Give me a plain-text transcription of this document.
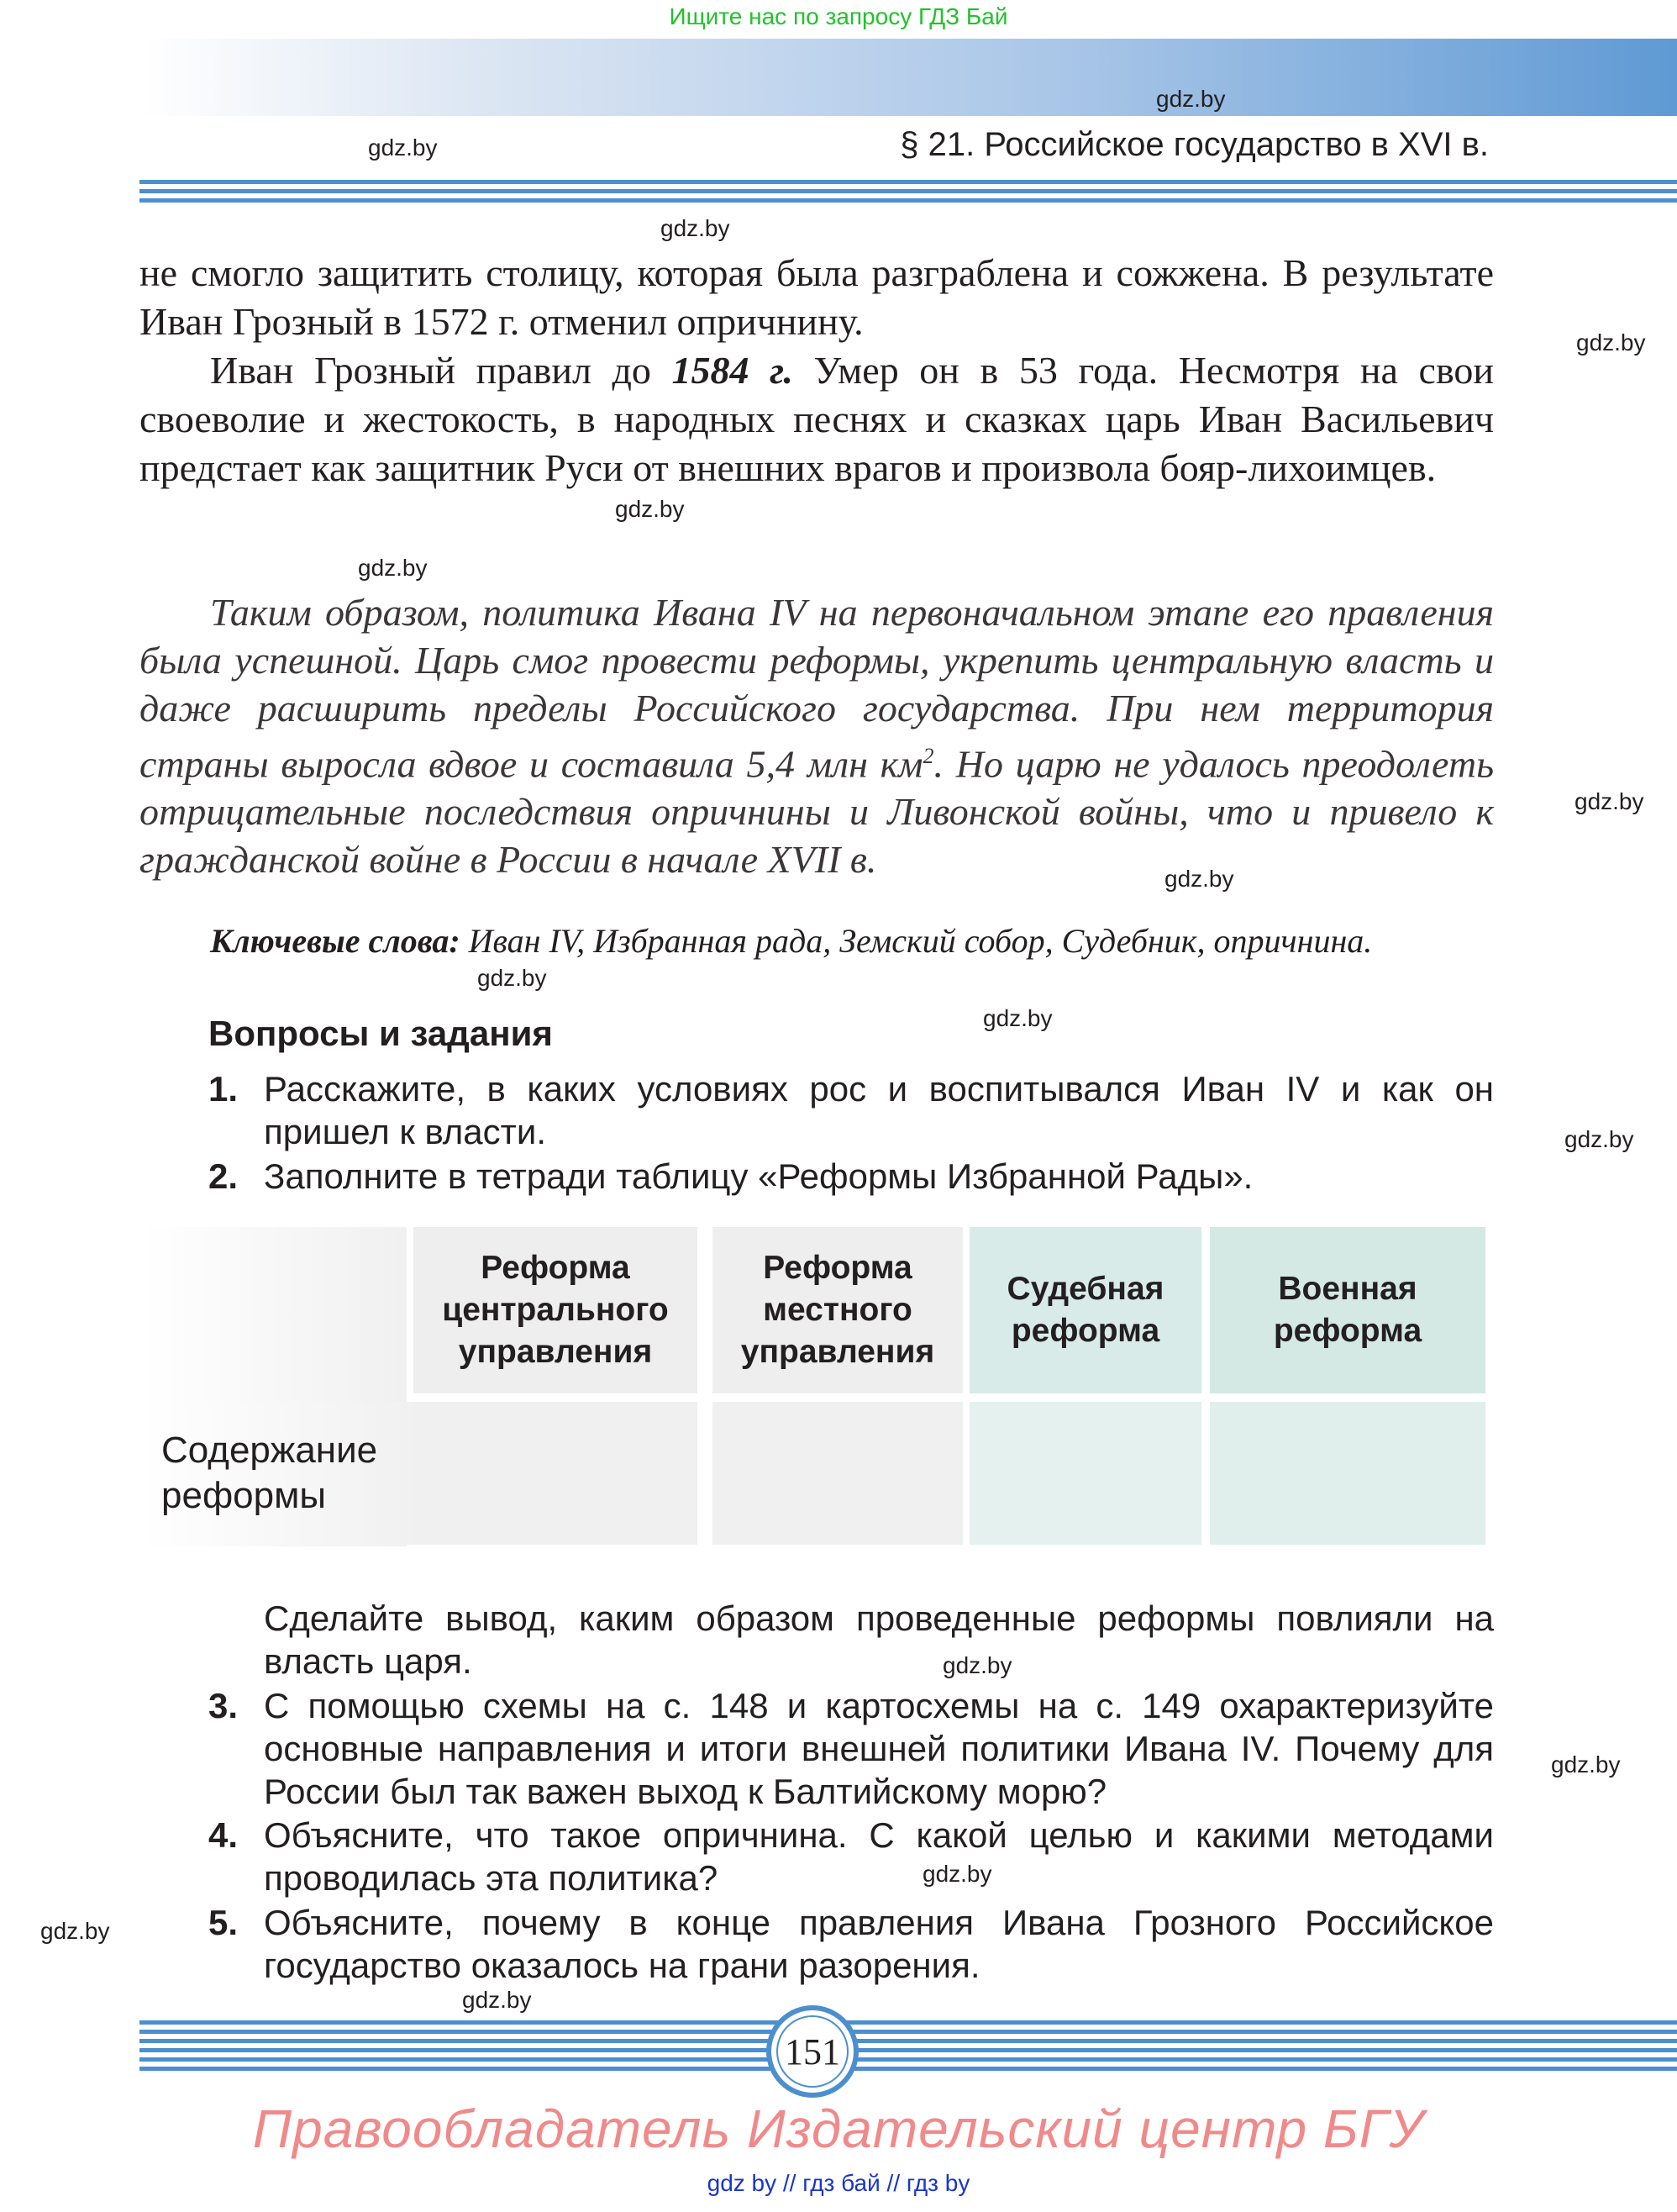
Ищите нас по запросу ГДЗ Бай
§ 21. Российское государство в XVI в.
gdz.by
gdz.by
gdz.by
gdz.by
gdz.by
gdz.by
gdz.by
gdz.by
gdz.by
gdz.by
gdz.by
gdz.by
gdz.by
gdz.by
gdz.by
gdz.by

не смогло защитить столицу, которая была разграблена и сожжена. В результате Иван Грозный в 1572 г. отменил опричнину.

Иван Грозный правил до 1584 г. Умер он в 53 года. Несмотря на свои своеволие и жестокость, в народных песнях и сказках царь Иван Васильевич предстает как защитник Руси от внешних врагов и произвола бояр-лихоимцев.

Таким образом, политика Ивана IV на первоначальном этапе его правления была успешной. Царь смог провести реформы, укрепить центральную власть и даже расширить пределы Российского государства. При нем территория страны выросла вдвое и составила 5,4 млн $км^2$. Но царю не удалось преодолеть отрицательные последствия опричнины и Ливонской войны, что и привело к гражданской войне в России в начале XVII в.
Ключевые слова: Иван IV, Избранная рада, Земский собор, Судебник, опричнина.
Вопросы и задания
1. Расскажите, в каких условиях рос и воспитывался Иван IV и как он пришел к власти.
2. Заполните в тетради таблицу «Реформы Избранной Рады».
Реформа центрального управления
Реформа местного управления
Судебная реформа
Военная реформа
Содержание реформы
Сделайте вывод, каким образом проведенные реформы повлияли на власть царя.
3. С помощью схемы на с. 148 и картосхемы на с. 149 охарактеризуйте основные направления и итоги внешней политики Ивана IV. Почему для России был так важен выход к Балтийскому морю?
4. Объясните, что такое опричнина. С какой целью и какими методами проводилась эта политика?
5. Объясните, почему в конце правления Ивана Грозного Российское государство оказалось на грани разорения.
151
Правообладатель Издательский центр БГУ
gdz by // гдз бай // гдз by
